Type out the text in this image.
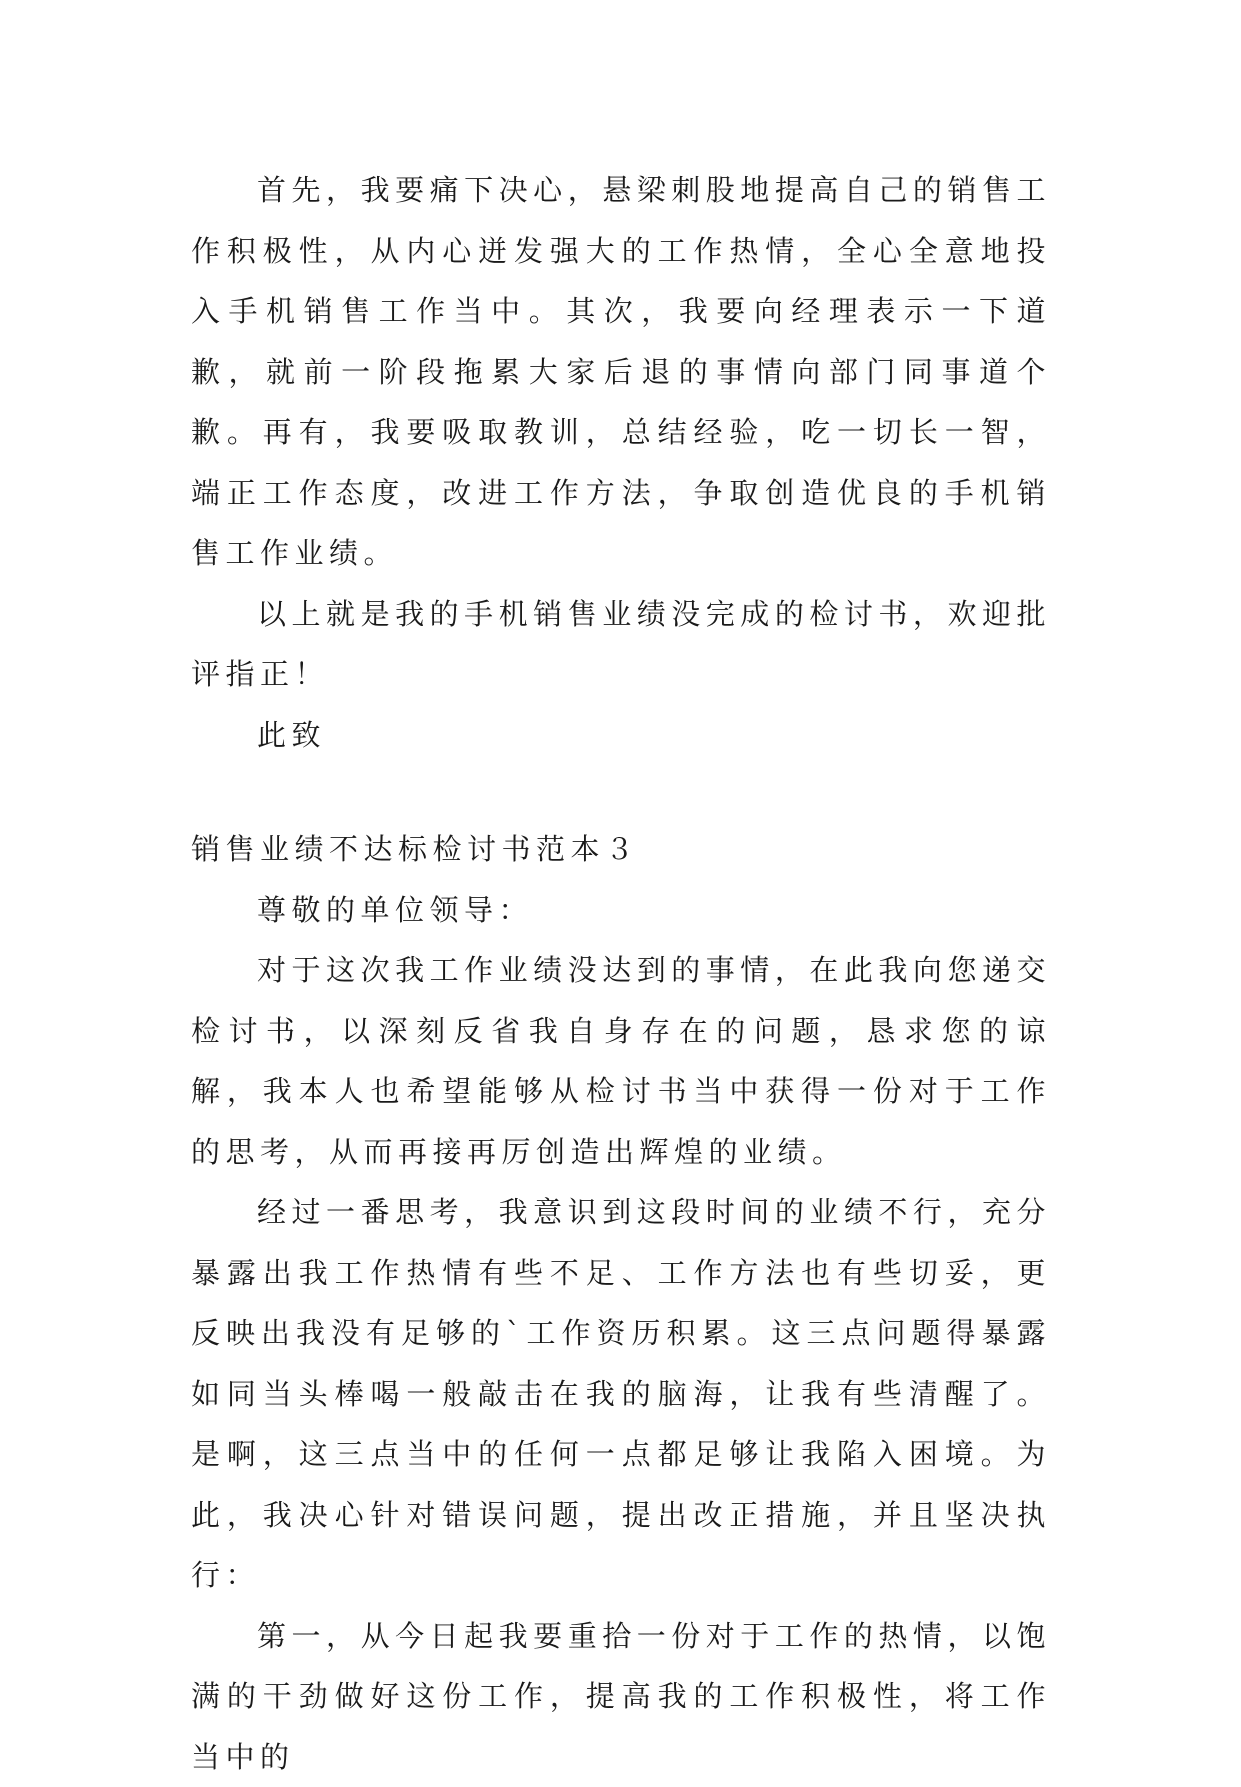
首先，我要痛下决心，悬梁刺股地提高自己的销售工作积极性，从内心迸发强大的工作热情，全心全意地投入手机销售工作当中。其次，我要向经理表示一下道歉，就前一阶段拖累大家后退的事情向部门同事道个歉。再有，我要吸取教训，总结经验，吃一切长一智，端正工作态度，改进工作方法，争取创造优良的手机销售工作业绩。

以上就是我的手机销售业绩没完成的检讨书，欢迎批评指正！

此致

销售业绩不达标检讨书范本３

尊敬的单位领导：

对于这次我工作业绩没达到的事情，在此我向您递交检讨书，以深刻反省我自身存在的问题，恳求您的谅解，我本人也希望能够从检讨书当中获得一份对于工作的思考，从而再接再厉创造出辉煌的业绩。

经过一番思考，我意识到这段时间的业绩不行，充分暴露出我工作热情有些不足、工作方法也有些切妥，更反映出我没有足够的`工作资历积累。这三点问题得暴露如同当头棒喝一般敲击在我的脑海，让我有些清醒了。是啊，这三点当中的任何一点都足够让我陷入困境。为此，我决心针对错误问题，提出改正措施，并且坚决执行：

第一，从今日起我要重拾一份对于工作的热情，以饱满的干劲做好这份工作，提高我的工作积极性，将工作当中的
